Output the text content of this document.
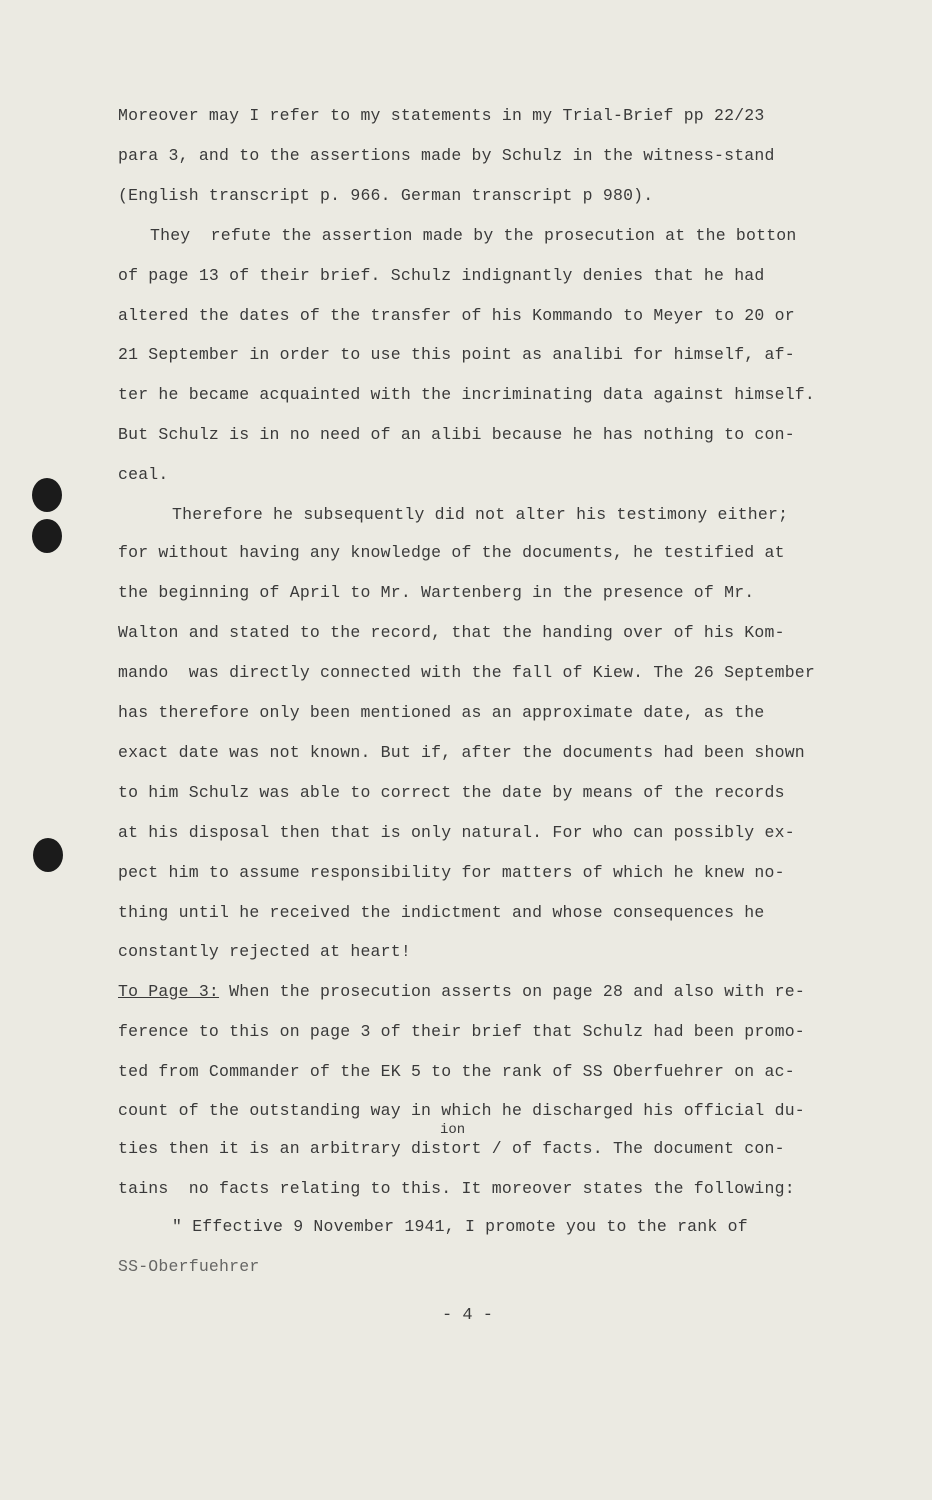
Moreover may I refer to my statements in my Trial-Brief pp 22/23
para 3, and to the assertions made by Schulz in the witness-stand
(English transcript p. 966. German transcript p 980).
They  refute the assertion made by the prosecution at the botton
of page 13 of their brief. Schulz indignantly denies that he had
altered the dates of the transfer of his Kommando to Meyer to 20 or
21 September in order to use this point as analibi for himself, af-
ter he became acquainted with the incriminating data against himself.
But Schulz is in no need of an alibi because he has nothing to con-
ceal.
Therefore he subsequently did not alter his testimony either;
for without having any knowledge of the documents, he testified at
the beginning of April to Mr. Wartenberg in the presence of Mr.
Walton and stated to the record, that the handing over of his Kom-
mando  was directly connected with the fall of Kiew. The 26 September
has therefore only been mentioned as an approximate date, as the
exact date was not known. But if, after the documents had been shown
to him Schulz was able to correct the date by means of the records
at his disposal then that is only natural. For who can possibly ex-
pect him to assume responsibility for matters of which he knew no-
thing until he received the indictment and whose consequences he
constantly rejected at heart!
To Page 3: When the prosecution asserts on page 28 and also with re-
ference to this on page 3 of their brief that Schulz had been promo-
ted from Commander of the EK 5 to the rank of SS Oberfuehrer on ac-
count of the outstanding way in which he discharged his official du-
ion
ties then it is an arbitrary distort / of facts. The document con-
tains  no facts relating to this. It moreover states the following:
" Effective 9 November 1941, I promote you to the rank of
SS-Oberfuehrer
- 4 -
